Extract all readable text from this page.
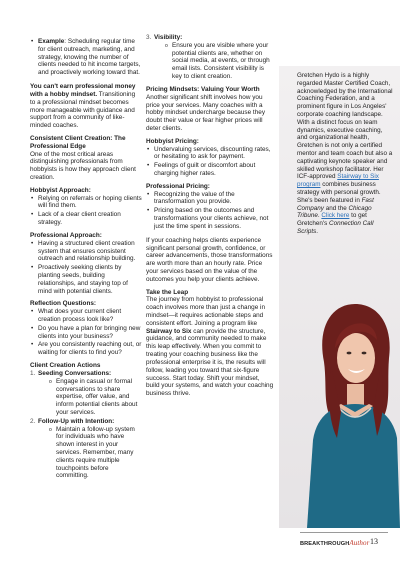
• Example: Scheduling regular time for client outreach, marketing, and strategy, knowing the number of clients needed to hit income targets, and proactively working toward that.

You can't earn professional money with a hobby mindset. Transitioning to a professional mindset becomes more manageable with guidance and support from a community of like-minded coaches.

Consistent Client Creation: The Professional Edge

One of the most critical areas distinguishing professionals from hobbyists is how they approach client creation.

Hobbyist Approach:

• Relying on referrals or hoping clients will find them.
• Lack of a clear client creation strategy.

Professional Approach:

• Having a structured client creation system that ensures consistent outreach and relationship building.
• Proactively seeking clients by planting seeds, building relationships, and staying top of mind with potential clients.

Reflection Questions:

• What does your current client creation process look like?
• Do you have a plan for bringing new clients into your business?
• Are you consistently reaching out, or waiting for clients to find you?

Client Creation Actions

1. Seeding Conversations:
o Engage in casual or formal conversations to share expertise, offer value, and inform potential clients about your services.
2. Follow-Up with Intention:
o Maintain a follow-up system for individuals who have shown interest in your services. Remember, many clients require multiple touchpoints before committing.
3. Visibility:
o Ensure you are visible where your potential clients are, whether on social media, at events, or through email lists. Consistent visibility is key to client creation.

Pricing Mindsets: Valuing Your Worth

Another significant shift involves how you price your services. Many coaches with a hobby mindset undercharge because they doubt their value or fear higher prices will deter clients.

Hobbyist Pricing:

• Undervaluing services, discounting rates, or hesitating to ask for payment.
• Feelings of guilt or discomfort about charging higher rates.

Professional Pricing:

• Recognizing the value of the transformation you provide.
• Pricing based on the outcomes and transformations your clients achieve, not just the time spent in sessions.

If your coaching helps clients experience significant personal growth, confidence, or career advancements, those transformations are worth more than an hourly rate. Price your services based on the value of the outcomes you help your clients achieve.

Take the Leap

The journey from hobbyist to professional coach involves more than just a change in mindset—it requires actionable steps and consistent effort. Joining a program like Stairway to Six can provide the structure, guidance, and community needed to make this leap effectively. When you commit to treating your coaching business like the professional enterprise it is, the results will follow, leading you toward that six-figure success. Start today. Shift your mindset, build your systems, and watch your coaching business thrive.

Gretchen Hydo is a highly regarded Master Certified Coach, acknowledged by the International Coaching Federation, and a prominent figure in Los Angeles' corporate coaching landscape. With a distinct focus on team dynamics, executive coaching, and organizational health, Gretchen is not only a certified mentor and team coach but also a captivating keynote speaker and skilled workshop facilitator. Her ICF-approved Stairway to Six program combines business strategy with personal growth. She's been featured in Fast Company and the Chicago Tribune. Click here to get Gretchen's Connection Call Scripts.
BREAKTHROUGHAuthor 13
